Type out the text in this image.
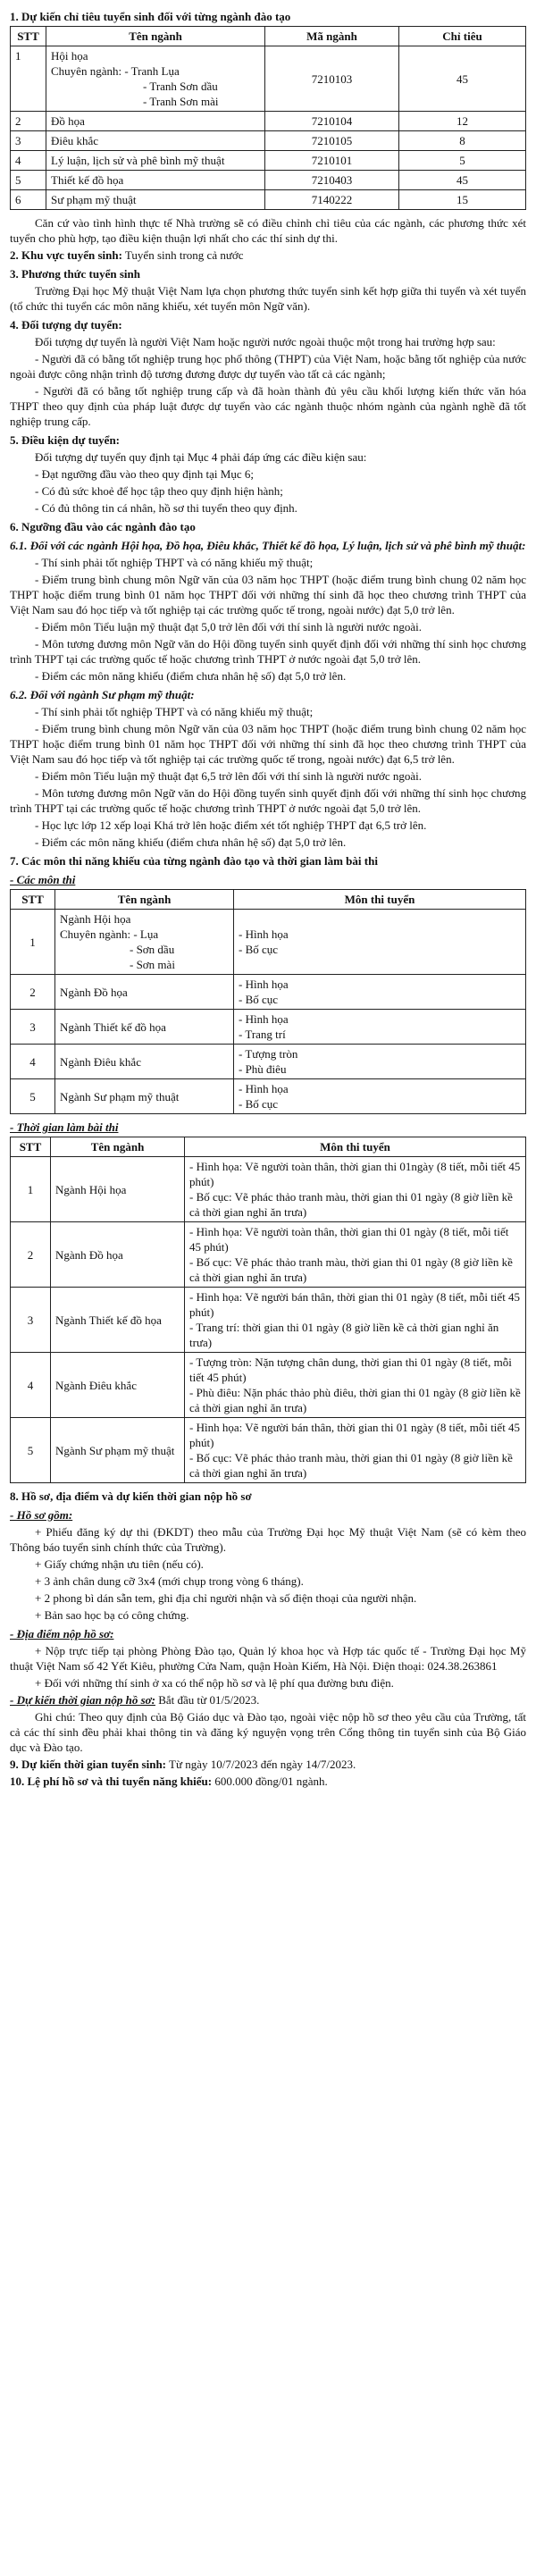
1. Dự kiến chỉ tiêu tuyển sinh đối với từng ngành đào tạo
STT	Tên ngành	Mã ngành	Chỉ tiêu
1	Hội họa
Chuyên ngành: - Tranh Lụa
- Tranh Sơn dầu
- Tranh Sơn mài	7210103	45
2	Đồ họa	7210104	12
3	Điêu khắc	7210105	8
4	Lý luận, lịch sử và phê bình mỹ thuật	7210101	5
5	Thiết kế đồ họa	7210403	45
6	Sư phạm mỹ thuật	7140222	15

Căn cứ vào tình hình thực tế Nhà trường sẽ có điều chỉnh chỉ tiêu của các ngành, các phương thức xét tuyển cho phù hợp, tạo điều kiện thuận lợi nhất cho các thí sinh dự thi.

2. Khu vực tuyển sinh: Tuyển sinh trong cả nước

3. Phương thức tuyển sinh

Trường Đại học Mỹ thuật Việt Nam lựa chọn phương thức tuyển sinh kết hợp giữa thi tuyển và xét tuyển (tổ chức thi tuyển các môn năng khiếu, xét tuyển môn Ngữ văn).

4. Đối tượng dự tuyển:

Đối tượng dự tuyển là người Việt Nam hoặc người nước ngoài thuộc một trong hai trường hợp sau:

- Người đã có bằng tốt nghiệp trung học phổ thông (THPT) của Việt Nam, hoặc bằng tốt nghiệp của nước ngoài được công nhận trình độ tương đương được dự tuyển vào tất cả các ngành;

- Người đã có bằng tốt nghiệp trung cấp và đã hoàn thành đủ yêu cầu khối lượng kiến thức văn hóa THPT theo quy định của pháp luật được dự tuyển vào các ngành thuộc nhóm ngành của ngành nghề đã tốt nghiệp trung cấp.

5. Điều kiện dự tuyển:

Đối tượng dự tuyển quy định tại Mục 4 phải đáp ứng các điều kiện sau:

- Đạt ngưỡng đầu vào theo quy định tại Mục 6;

- Có đủ sức khoẻ để học tập theo quy định hiện hành;

- Có đủ thông tin cá nhân, hồ sơ thi tuyển theo quy định.

6. Ngưỡng đầu vào các ngành đào tạo
6.1. Đối với các ngành Hội họa, Đồ họa, Điêu khắc, Thiết kế đồ họa, Lý luận, lịch sử và phê bình mỹ thuật:

- Thí sinh phải tốt nghiệp THPT và có năng khiếu mỹ thuật;

- Điểm trung bình chung môn Ngữ văn của 03 năm học THPT (hoặc điểm trung bình chung 02 năm học THPT hoặc điểm trung bình 01 năm học THPT đối với những thí sinh đã học theo chương trình THPT của Việt Nam sau đó học tiếp và tốt nghiệp tại các trường quốc tế trong, ngoài nước) đạt 5,0 trở lên.

- Điểm môn Tiểu luận mỹ thuật đạt 5,0 trở lên đối với thí sinh là người nước ngoài.

- Môn tương đương môn Ngữ văn do Hội đồng tuyển sinh quyết định đối với những thí sinh học chương trình THPT tại các trường quốc tế hoặc chương trình THPT ở nước ngoài đạt 5,0 trở lên.

- Điểm các môn năng khiếu (điểm chưa nhân hệ số) đạt 5,0 trở lên.

6.2. Đối với ngành Sư phạm mỹ thuật:

- Thí sinh phải tốt nghiệp THPT và có năng khiếu mỹ thuật;

- Điểm trung bình chung môn Ngữ văn của 03 năm học THPT (hoặc điểm trung bình chung 02 năm học THPT hoặc điểm trung bình 01 năm học THPT đối với những thí sinh đã học theo chương trình THPT của Việt Nam sau đó học tiếp và tốt nghiệp tại các trường quốc tế trong, ngoài nước) đạt 6,5 trở lên.

- Điểm môn Tiểu luận mỹ thuật đạt 6,5 trở lên đối với thí sinh là người nước ngoài.

- Môn tương đương môn Ngữ văn do Hội đồng tuyển sinh quyết định đối với những thí sinh học chương trình THPT tại các trường quốc tế hoặc chương trình THPT ở nước ngoài đạt 5,0 trở lên.

- Học lực lớp 12 xếp loại Khá trở lên hoặc điểm xét tốt nghiệp THPT đạt 6,5 trở lên.

- Điểm các môn năng khiếu (điểm chưa nhân hệ số) đạt 5,0 trở lên.

7. Các môn thi năng khiếu của từng ngành đào tạo và thời gian làm bài thi
- Các môn thi
STT	Tên ngành	Môn thi tuyển
1	Ngành Hội họa
Chuyên ngành: - Lụa
- Sơn dầu
- Sơn mài	- Hình họa
- Bố cục

2	Ngành Đồ họa	- Hình họa
- Bố cục

3	Ngành Thiết kế đồ họa	- Hình họa
- Trang trí

4	Ngành Điêu khắc	- Tượng tròn
- Phù điêu

5	Ngành Sư phạm mỹ thuật	- Hình họa
- Bố cục
- Thời gian làm bài thi
STT	Tên ngành	Môn thi tuyển
1	Ngành Hội họa	- Hình họa: Vẽ người toàn thân, thời gian thi 01ngày (8 tiết, mỗi tiết 45 phút)
- Bố cục: Vẽ phác thảo tranh màu, thời gian thi 01 ngày (8 giờ liền kề cả thời gian nghỉ ăn trưa)

2	Ngành Đồ họa	- Hình họa: Vẽ người toàn thân, thời gian thi 01 ngày (8 tiết, mỗi tiết 45 phút)
- Bố cục: Vẽ phác thảo tranh màu, thời gian thi 01 ngày (8 giờ liền kề cả thời gian nghỉ ăn trưa)

3	Ngành Thiết kế đồ họa	- Hình họa: Vẽ người bán thân, thời gian thi 01 ngày (8 tiết, mỗi tiết 45 phút)
- Trang trí: thời gian thi 01 ngày (8 giờ liền kề cả thời gian nghỉ ăn trưa)

4	Ngành Điêu khắc	- Tượng tròn: Nặn tượng chân dung, thời gian thi 01 ngày (8 tiết, mỗi tiết 45 phút)
- Phù điêu: Nặn phác thảo phù điêu, thời gian thi 01 ngày (8 giờ liền kề cả thời gian nghỉ ăn trưa)

5	Ngành Sư phạm mỹ thuật	- Hình họa: Vẽ người bán thân, thời gian thi 01 ngày (8 tiết, mỗi tiết 45 phút)
- Bố cục: Vẽ phác thảo tranh màu, thời gian thi 01 ngày (8 giờ liền kề cả thời gian nghỉ ăn trưa)
8. Hồ sơ, địa điểm và dự kiến thời gian nộp hồ sơ
- Hồ sơ gồm:

+ Phiếu đăng ký dự thi (ĐKDT) theo mẫu của Trường Đại học Mỹ thuật Việt Nam (sẽ có kèm theo Thông báo tuyển sinh chính thức của Trường).

+ Giấy chứng nhận ưu tiên (nếu có).

+ 3 ảnh chân dung cỡ 3x4 (mới chụp trong vòng 6 tháng).

+ 2 phong bì dán sẵn tem, ghi địa chỉ người nhận và số điện thoại của người nhận.

+ Bản sao học bạ có công chứng.

- Địa điểm nộp hồ sơ:

+ Nộp trực tiếp tại phòng Phòng Đào tạo, Quản lý khoa học và Hợp tác quốc tế - Trường Đại học Mỹ thuật Việt Nam số 42 Yết Kiêu, phường Cửa Nam, quận Hoàn Kiếm, Hà Nội. Điện thoại: 024.38.263861

+ Đối với những thí sinh ở xa có thể nộp hồ sơ và lệ phí qua đường bưu điện.

- Dự kiến thời gian nộp hồ sơ: Bắt đầu từ 01/5/2023.

Ghi chú: Theo quy định của Bộ Giáo dục và Đào tạo, ngoài việc nộp hồ sơ theo yêu cầu của Trường, tất cả các thí sinh đều phải khai thông tin và đăng ký nguyện vọng trên Cổng thông tin tuyển sinh của Bộ Giáo dục và Đào tạo.

9. Dự kiến thời gian tuyển sinh: Từ ngày 10/7/2023 đến ngày 14/7/2023.

10. Lệ phí hồ sơ và thi tuyển năng khiếu: 600.000 đồng/01 ngành.
